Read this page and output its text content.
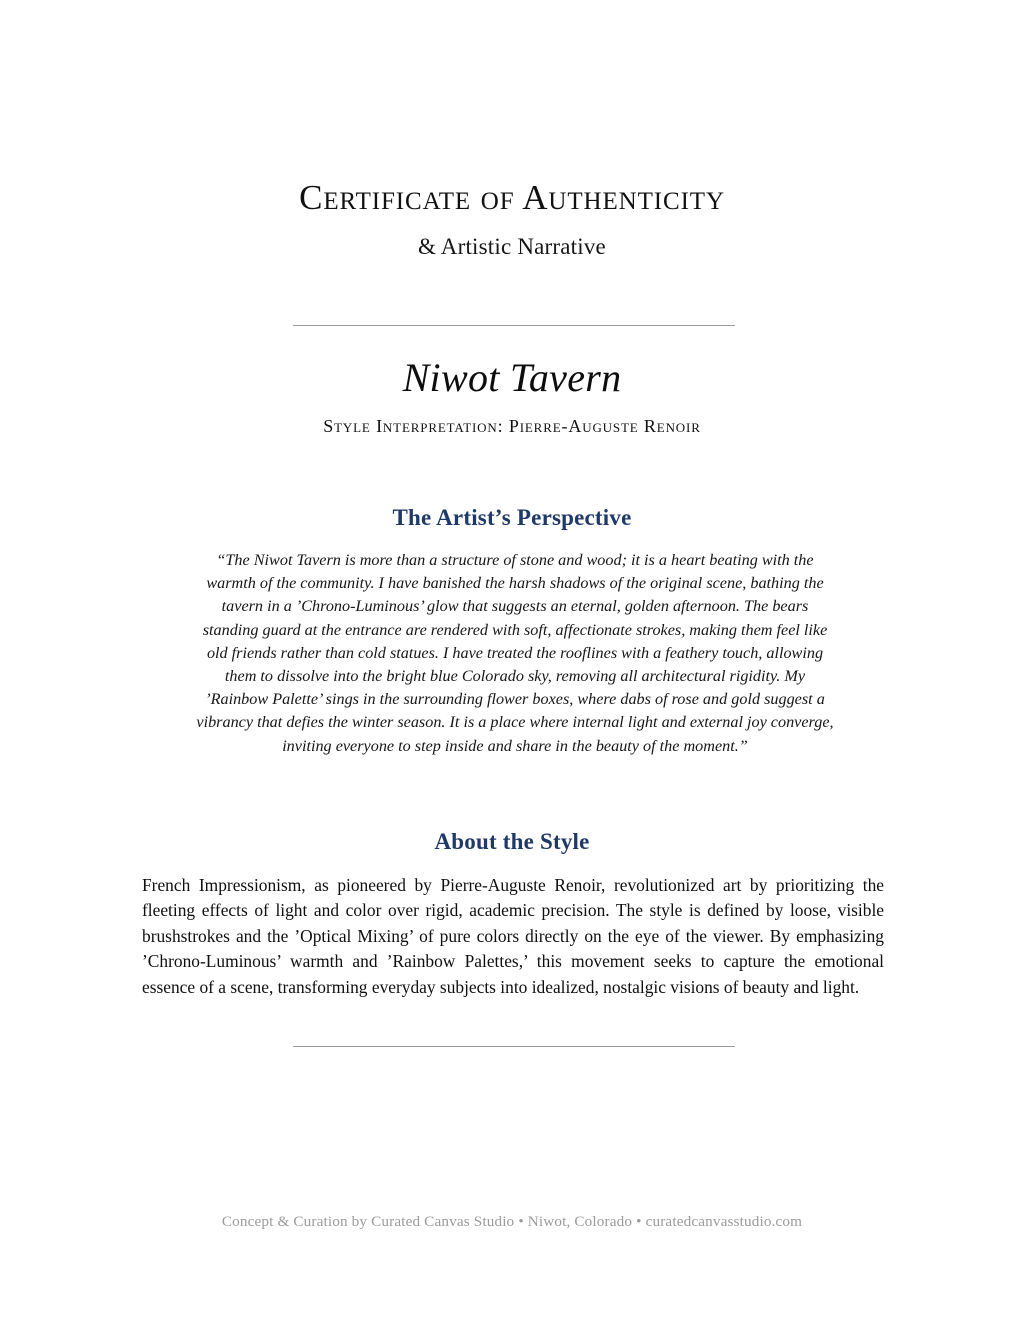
Certificate of Authenticity
& Artistic Narrative
Niwot Tavern
Style Interpretation: Pierre-Auguste Renoir
The Artist’s Perspective
“The Niwot Tavern is more than a structure of stone and wood; it is a heart beating with the warmth of the community. I have banished the harsh shadows of the original scene, bathing the tavern in a ’Chrono-Luminous’ glow that suggests an eternal, golden afternoon. The bears standing guard at the entrance are rendered with soft, affectionate strokes, making them feel like old friends rather than cold statues. I have treated the rooflines with a feathery touch, allowing them to dissolve into the bright blue Colorado sky, removing all architectural rigidity. My ’Rainbow Palette’ sings in the surrounding flower boxes, where dabs of rose and gold suggest a vibrancy that defies the winter season. It is a place where internal light and external joy converge, inviting everyone to step inside and share in the beauty of the moment.”
About the Style
French Impressionism, as pioneered by Pierre-Auguste Renoir, revolutionized art by prioritizing the fleeting effects of light and color over rigid, academic precision. The style is defined by loose, visible brushstrokes and the ’Optical Mixing’ of pure colors directly on the eye of the viewer. By emphasizing ’Chrono-Luminous’ warmth and ’Rainbow Palettes,’ this movement seeks to capture the emotional essence of a scene, transforming everyday subjects into idealized, nostalgic visions of beauty and light.
Concept & Curation by Curated Canvas Studio • Niwot, Colorado • curatedcanvasstudio.com
